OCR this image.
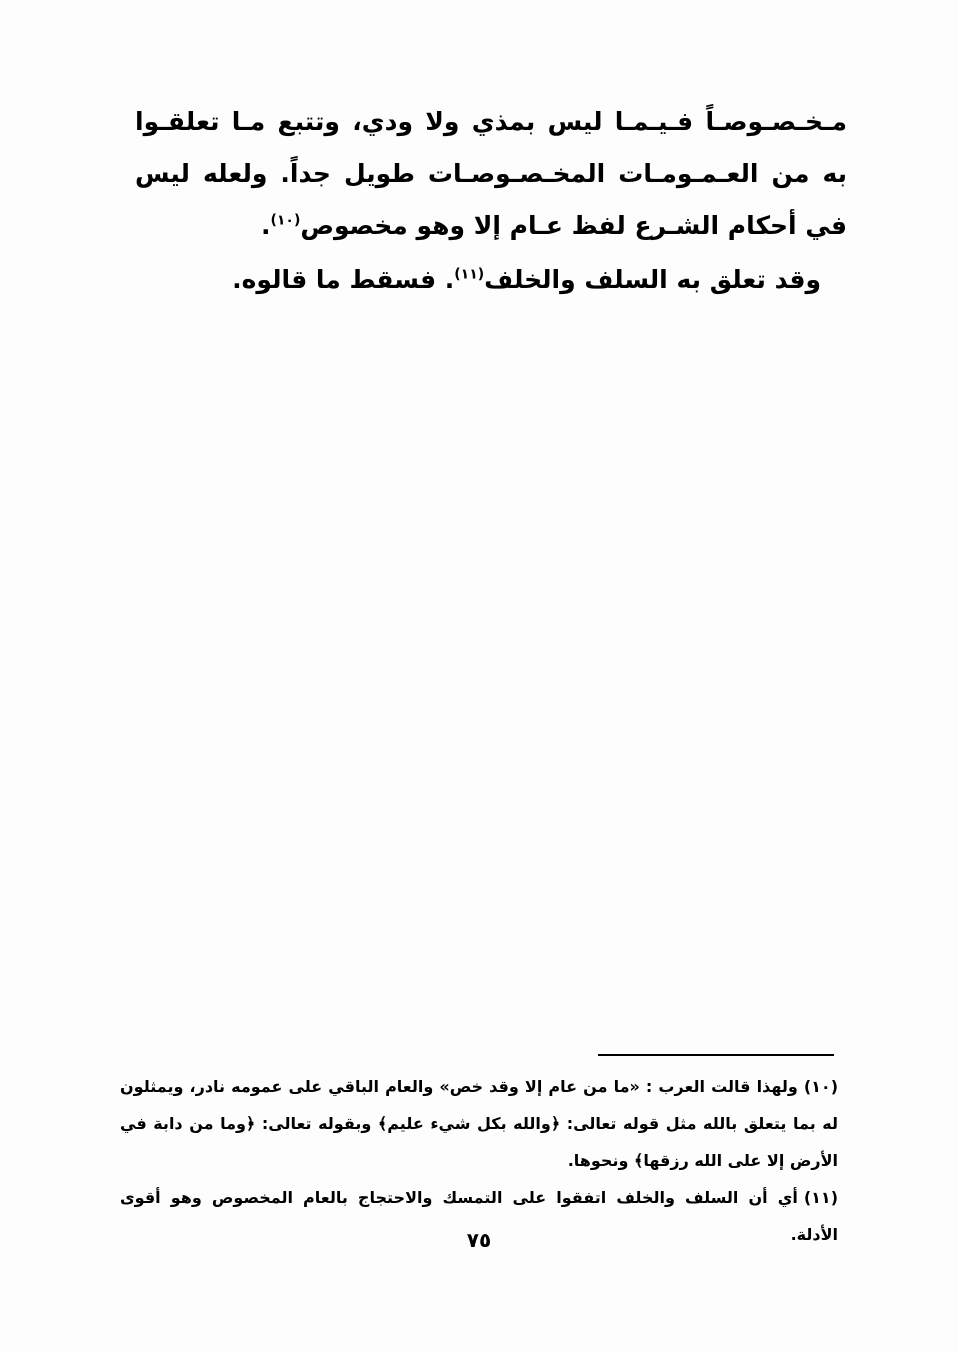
مـخـصـوصـاً فـيـمـا ليس بمذي ولا ودي، وتتبع مـا تعلقـوا به من العـمـومـات المخـصـوصـات طويل جداً. ولعله ليس في أحكام الشـرع لفظ عـام إلا وهو مخصوص$^{(١٠)}$.

وقد تعلق به السلف والخلف$^{(١١)}$. فسقط ما قالوه.

(١٠)ولهذا قالت العرب : «ما من عام إلا وقد خص» والعام الباقي على عمومه نادر، ويمثلون له بما يتعلق بالله مثل قوله تعالى: ﴿والله بكل شيء عليم﴾ وبقوله تعالى: ﴿وما من دابة في الأرض إلا على الله رزقها﴾ ونحوها.

(١١)أي أن السلف والخلف اتفقوا على التمسك والاحتجاج بالعام المخصوص وهو أقوى الأدلة.

٧٥
